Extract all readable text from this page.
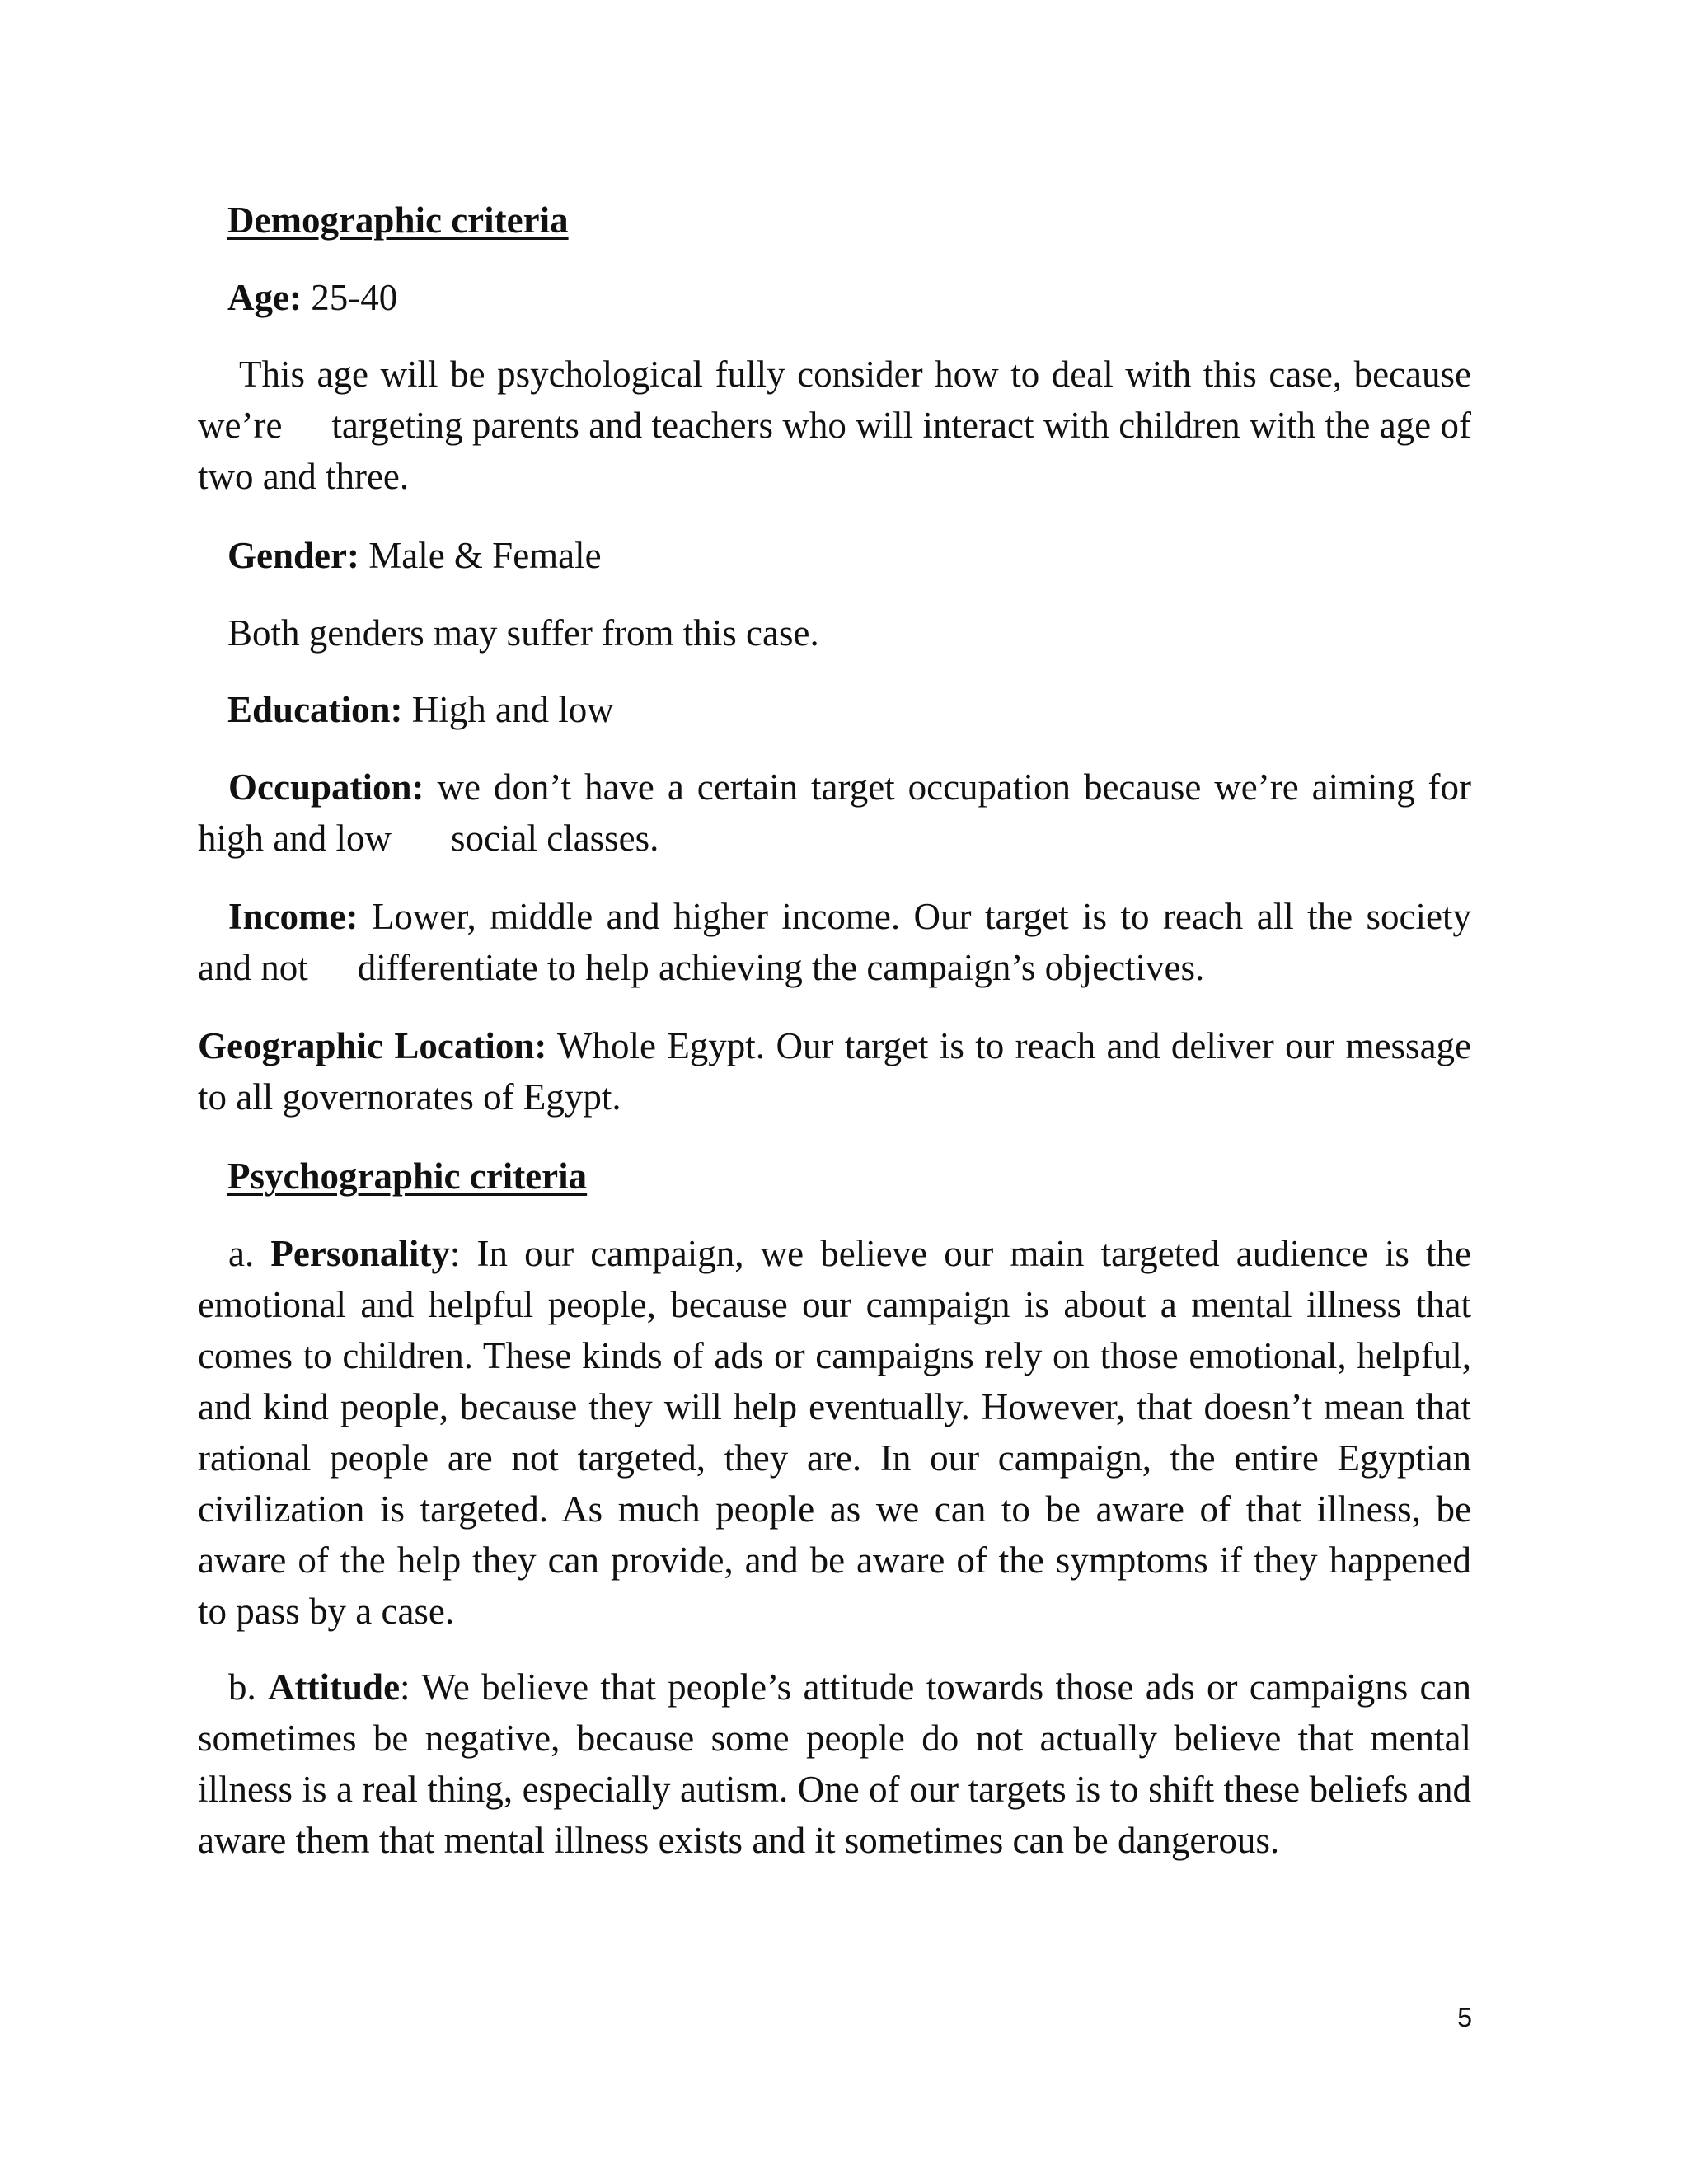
Demographic criteria

Age: 25-40

This age will be psychological fully consider how to deal with this case, because we’re targeting parents and teachers who will interact with children with the age of two and three.

Gender: Male & Female

Both genders may suffer from this case.

Education: High and low

Occupation: we don’t have a certain target occupation because we’re aiming for high and low social classes.

Income: Lower, middle and higher income. Our target is to reach all the society and not differentiate to help achieving the campaign’s objectives.

Geographic Location: Whole Egypt. Our target is to reach and deliver our message to all governorates of Egypt.

Psychographic criteria

a. Personality: In our campaign, we believe our main targeted audience is the emotional and helpful people, because our campaign is about a mental illness that comes to children. These kinds of ads or campaigns rely on those emotional, helpful, and kind people, because they will help eventually. However, that doesn’t mean that rational people are not targeted, they are. In our campaign, the entire Egyptian civilization is targeted. As much people as we can to be aware of that illness, be aware of the help they can provide, and be aware of the symptoms if they happened to pass by a case.

b. Attitude: We believe that people’s attitude towards those ads or campaigns can sometimes be negative, because some people do not actually believe that mental illness is a real thing, especially autism. One of our targets is to shift these beliefs and aware them that mental illness exists and it sometimes can be dangerous.

5
